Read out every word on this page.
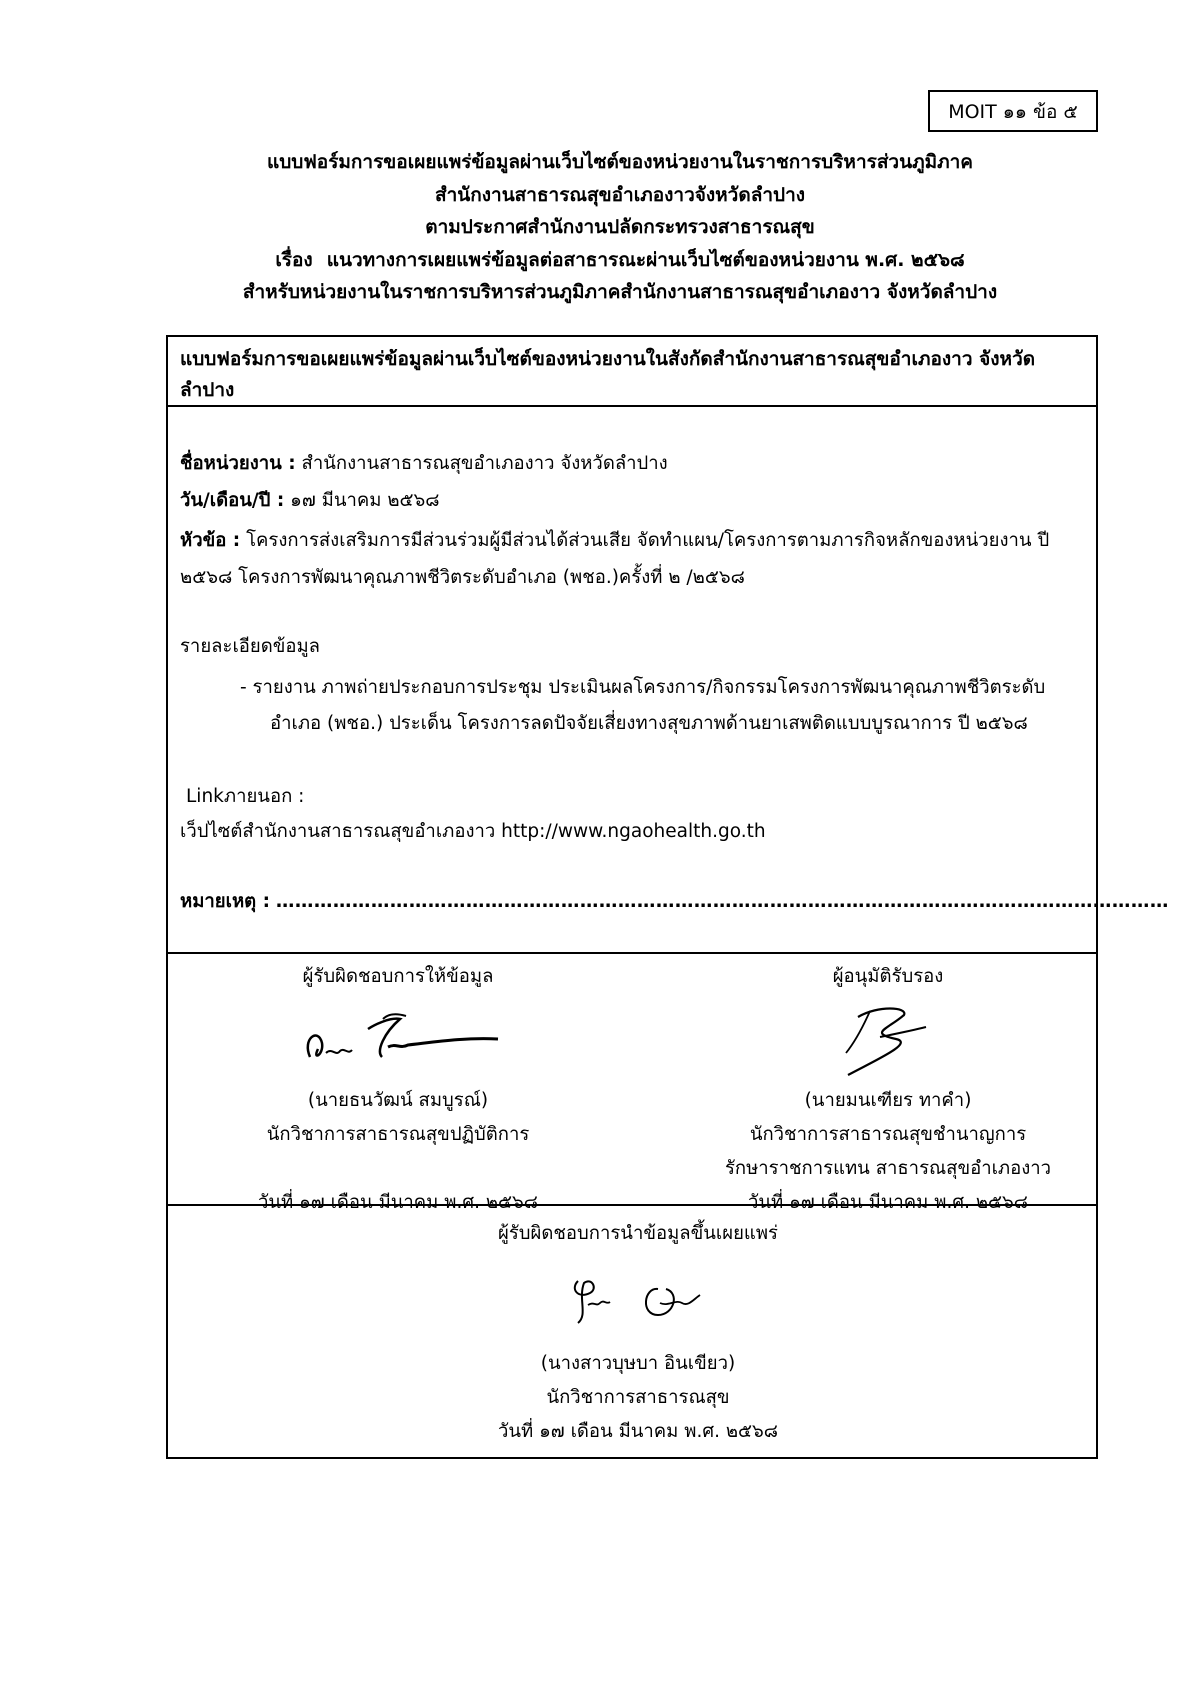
MOIT ๑๑ ข้อ ๕
แบบฟอร์มการขอเผยแพร่ข้อมูลผ่านเว็บไซต์ของหน่วยงานในราชการบริหารส่วนภูมิภาค
สำนักงานสาธารณสุขอำเภองาวจังหวัดลำปาง
ตามประกาศสำนักงานปลัดกระทรวงสาธารณสุข
เรื่อง แนวทางการเผยแพร่ข้อมูลต่อสาธารณะผ่านเว็บไซต์ของหน่วยงาน พ.ศ. ๒๕๖๘
สำหรับหน่วยงานในราชการบริหารส่วนภูมิภาคสำนักงานสาธารณสุขอำเภองาว จังหวัดลำปาง
แบบฟอร์มการขอเผยแพร่ข้อมูลผ่านเว็บไซต์ของหน่วยงานในสังกัดสำนักงานสาธารณสุขอำเภองาว จังหวัดลำปาง
ชื่อหน่วยงาน : สำนักงานสาธารณสุขอำเภองาว จังหวัดลำปาง
วัน/เดือน/ปี : ๑๗ มีนาคม ๒๕๖๘
หัวข้อ : โครงการส่งเสริมการมีส่วนร่วมผู้มีส่วนได้ส่วนเสีย จัดทำแผน/โครงการตามภารกิจหลักของหน่วยงาน ปี ๒๕๖๘ โครงการพัฒนาคุณภาพชีวิตระดับอำเภอ (พชอ.)ครั้งที่ ๒ /๒๕๖๘
รายละเอียดข้อมูล
- รายงาน ภาพถ่ายประกอบการประชุม ประเมินผลโครงการ/กิจกรรมโครงการพัฒนาคุณภาพชีวิตระดับ
อำเภอ (พชอ.) ประเด็น โครงการลดปัจจัยเสี่ยงทางสุขภาพด้านยาเสพติดแบบบูรณาการ ปี ๒๕๖๘
Linkภายนอก :
เว็ปไซต์สำนักงานสาธารณสุขอำเภองาว http://www.ngaohealth.go.th
หมายเหตุ : ……………………………………………………………………………………………………………………………
ผู้รับผิดชอบการให้ข้อมูล
(นายธนวัฒน์ สมบูรณ์)
นักวิชาการสาธารณสุขปฏิบัติการ
วันที่ ๑๗ เดือน มีนาคม พ.ศ. ๒๕๖๘
ผู้อนุมัติรับรอง
(นายมนเฑียร ทาคำ)
นักวิชาการสาธารณสุขชำนาญการ
รักษาราชการแทน สาธารณสุขอำเภองาว
วันที่ ๑๗ เดือน มีนาคม พ.ศ. ๒๕๖๘
ผู้รับผิดชอบการนำข้อมูลขึ้นเผยแพร่
(นางสาวบุษบา อินเขียว)
นักวิชาการสาธารณสุข
วันที่ ๑๗ เดือน มีนาคม พ.ศ. ๒๕๖๘
